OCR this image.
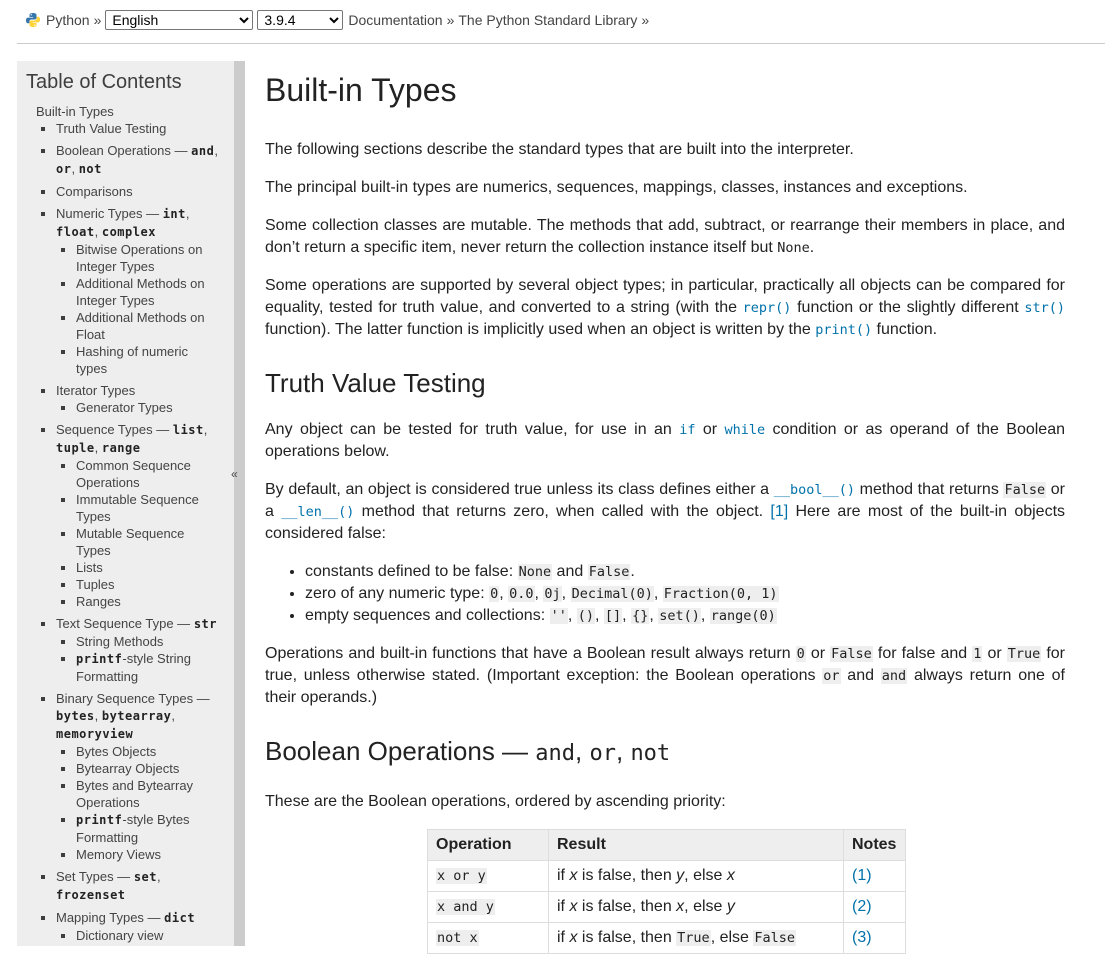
Python »
English
3.9.4	Documentation » The Python Standard Library »
Table of Contents
Built-in Types
Truth Value Testing
Boolean Operations — and, or, not
Comparisons
Numeric Types — int, float, complex
Bitwise Operations on Integer Types
Additional Methods on Integer Types
Additional Methods on Float
Hashing of numeric types
Iterator Types
Generator Types
Sequence Types — list, tuple, range
Common Sequence Operations
Immutable Sequence Types
Mutable Sequence Types
Lists
Tuples
Ranges
Text Sequence Type — str
String Methods
printf-style String Formatting
Binary Sequence Types — bytes, bytearray, memoryview
Bytes Objects
Bytearray Objects
Bytes and Bytearray Operations
printf-style Bytes Formatting
Memory Views
Set Types — set, frozenset
Mapping Types — dict
Dictionary view
«
Built-in Types

The following sections describe the standard types that are built into the interpreter.

The principal built-in types are numerics, sequences, mappings, classes, instances and exceptions.

Some collection classes are mutable. The methods that add, subtract, or rearrange their members in place, and don’t return a specific item, never return the collection instance itself but None.

Some operations are supported by several object types; in particular, practically all objects can be compared for equality, tested for truth value, and converted to a string (with the repr() function or the slightly different str() function). The latter function is implicitly used when an object is written by the print() function.

Truth Value Testing

Any object can be tested for truth value, for use in an if or while condition or as operand of the Boolean operations below.

By default, an object is considered true unless its class defines either a __bool__() method that returns False or a __len__() method that returns zero, when called with the object. [1] Here are most of the built-in objects considered false:

• constants defined to be false: None and False.
• zero of any numeric type: 0, 0.0, 0j, Decimal(0), Fraction(0, 1)
• empty sequences and collections: '', (), [], {}, set(), range(0)

Operations and built-in functions that have a Boolean result always return 0 or False for false and 1 or True for true, unless otherwise stated. (Important exception: the Boolean operations or and and always return one of their operands.)

Boolean Operations — and, or, not

These are the Boolean operations, ordered by ascending priority:

Operation	Result	Notes
x or y	if x is false, then y, else x	(1)
x and y	if x is false, then x, else y	(2)
not x	if x is false, then True, else False	(3)
